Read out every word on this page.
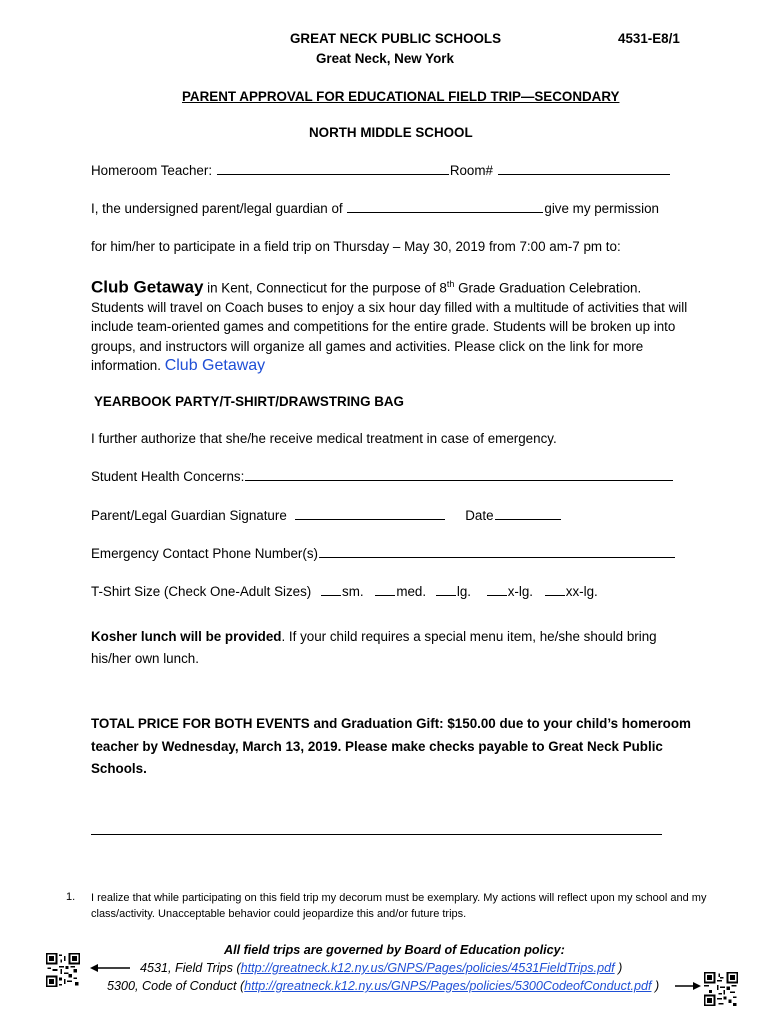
GREAT NECK PUBLIC SCHOOLS	4531-E8/1
Great Neck, New York
PARENT APPROVAL FOR EDUCATIONAL FIELD TRIP—SECONDARY
NORTH MIDDLE SCHOOL
Homeroom Teacher:	Room#
I, the undersigned parent/legal guardian of	give my permission
for him/her to participate in a field trip on Thursday – May 30, 2019 from 7:00 am-7 pm to:
Club Getaway in Kent, Connecticut for the purpose of 8th Grade Graduation Celebration. Students will travel on Coach buses to enjoy a six hour day filled with a multitude of activities that will include team-oriented games and competitions for the entire grade. Students will be broken up into groups, and instructors will organize all games and activities. Please click on the link for more information. Club Getaway
YEARBOOK PARTY/T-SHIRT/DRAWSTRING BAG
I further authorize that she/he receive medical treatment in case of emergency.
Student Health Concerns:
Parent/Legal Guardian Signature	Date
Emergency Contact Phone Number(s)
T-Shirt Size (Check One-Adult Sizes) sm. med. lg.	x-lg. xx-lg.
Kosher lunch will be provided. If your child requires a special menu item, he/she should bring his/her own lunch.
TOTAL PRICE FOR BOTH EVENTS and Graduation Gift: $150.00 due to your child’s homeroom teacher by Wednesday, March 13, 2019. Please make checks payable to Great Neck Public Schools.
1. I realize that while participating on this field trip my decorum must be exemplary. My actions will reflect upon my school and my class/activity. Unacceptable behavior could jeopardize this and/or future trips.
All field trips are governed by Board of Education policy:
4531, Field Trips (http://greatneck.k12.ny.us/GNPS/Pages/policies/4531FieldTrips.pdf )
5300, Code of Conduct (http://greatneck.k12.ny.us/GNPS/Pages/policies/5300CodeofConduct.pdf )
